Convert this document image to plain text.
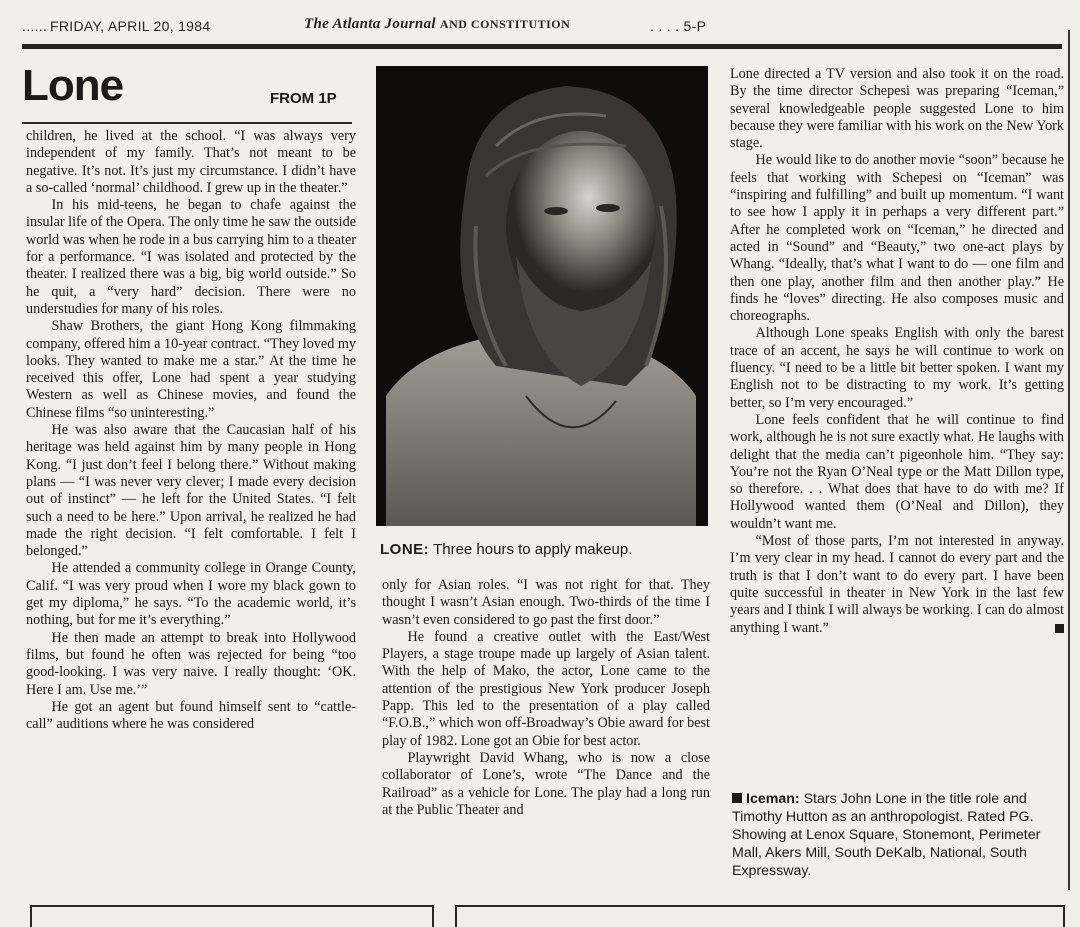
...... FRIDAY, APRIL 20, 1984	The Atlanta Journal AND CONSTITUTION	. . . . 5-P
Lone	FROM 1P

children, he lived at the school. “I was always very independent of my family. That’s not meant to be negative. It’s not. It’s just my circumstance. I didn’t have a so-called ‘normal’ childhood. I grew up in the theater.”

In his mid-teens, he began to chafe against the insular life of the Opera. The only time he saw the outside world was when he rode in a bus carrying him to a theater for a performance. “I was isolated and protected by the theater. I realized there was a big, big world outside.” So he quit, a “very hard” decision. There were no understudies for many of his roles.

Shaw Brothers, the giant Hong Kong filmmaking company, offered him a 10-year contract. “They loved my looks. They wanted to make me a star.” At the time he received this offer, Lone had spent a year studying Western as well as Chinese movies, and found the Chinese films “so uninteresting.”

He was also aware that the Caucasian half of his heritage was held against him by many people in Hong Kong. “I just don’t feel I belong there.” Without making plans — “I was never very clever; I made every decision out of instinct” — he left for the United States. “I felt such a need to be here.” Upon arrival, he realized he had made the right decision. “I felt comfortable. I felt I belonged.”

He attended a community college in Orange County, Calif. “I was very proud when I wore my black gown to get my diploma,” he says. “To the academic world, it’s nothing, but for me it’s everything.”

He then made an attempt to break into Hollywood films, but found he often was rejected for being “too good-looking. I was very naive. I really thought: ‘OK. Here I am. Use me.’”

He got an agent but found himself sent to “cattle-call” auditions where he was considered

LONE: Three hours to apply makeup.

only for Asian roles. “I was not right for that. They thought I wasn’t Asian enough. Two-thirds of the time I wasn’t even considered to go past the first door.”

He found a creative outlet with the East/West Players, a stage troupe made up largely of Asian talent. With the help of Mako, the actor, Lone came to the attention of the prestigious New York producer Joseph Papp. This led to the presentation of a play called “F.O.B.,” which won off-Broadway’s Obie award for best play of 1982. Lone got an Obie for best actor.

Playwright David Whang, who is now a close collaborator of Lone’s, wrote “The Dance and the Railroad” as a vehicle for Lone. The play had a long run at the Public Theater and

Lone directed a TV version and also took it on the road. By the time director Schepesi was preparing “Iceman,” several knowledgeable people suggested Lone to him because they were familiar with his work on the New York stage.

He would like to do another movie “soon” because he feels that working with Schepesi on “Iceman” was “inspiring and fulfilling” and built up momentum. “I want to see how I apply it in perhaps a very different part.” After he completed work on “Iceman,” he directed and acted in “Sound” and “Beauty,” two one-act plays by Whang. “Ideally, that’s what I want to do — one film and then one play, another film and then another play.” He finds he “loves” directing. He also composes music and choreographs.

Although Lone speaks English with only the barest trace of an accent, he says he will continue to work on fluency. “I need to be a little bit better spoken. I want my English not to be distracting to my work. It’s getting better, so I’m very encouraged.”

Lone feels confident that he will continue to find work, although he is not sure exactly what. He laughs with delight that the media can’t pigeonhole him. “They say: You’re not the Ryan O’Neal type or the Matt Dillon type, so therefore. . . What does that have to do with me? If Hollywood wanted them (O’Neal and Dillon), they wouldn’t want me.

“Most of those parts, I’m not interested in anyway. I’m very clear in my head. I cannot do every part and the truth is that I don’t want to do every part. I have been quite successful in theater in New York in the last few years and I think I will always be working. I can do almost anything I want.”

Iceman: Stars John Lone in the title role and Timothy Hutton as an anthropologist. Rated PG. Showing at Lenox Square, Stonemont, Perimeter Mall, Akers Mill, South DeKalb, National, South Expressway.
